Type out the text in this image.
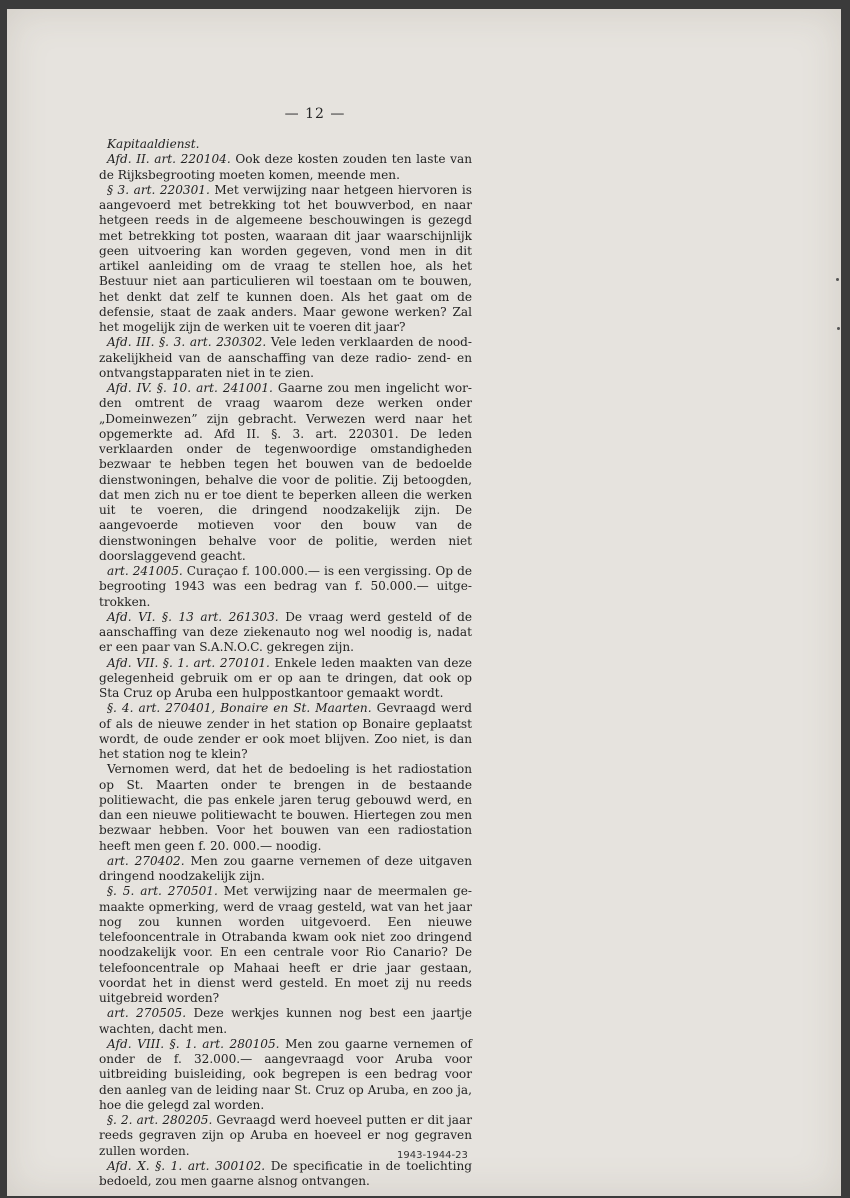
— 12 —

Kapitaaldienst.

Afd. II. art. 220104. Ook deze kosten zouden ten laste van de Rijksbegrooting moeten komen, meende men.

§ 3. art. 220301. Met verwijzing naar hetgeen hiervoren is aangevoerd met betrekking tot het bouwverbod, en naar hetgeen reeds in de algemeene beschouwingen is gezegd met betrekking tot posten, waaraan dit jaar waarschijnlijk geen uitvoering kan worden gegeven, vond men in dit artikel aanleiding om de vraag te stellen hoe, als het Bestuur niet aan particulieren wil toestaan om te bouwen, het denkt dat zelf te kunnen doen. Als het gaat om de defensie, staat de zaak anders. Maar gewone werken? Zal het mogelijk zijn de werken uit te voeren dit jaar?

Afd. III. §. 3. art. 230302. Vele leden verklaarden de noodzakelijkheid van de aanschaffing van deze radio- zend- en ontvangstapparaten niet in te zien.

Afd. IV. §. 10. art. 241001. Gaarne zou men ingelicht worden omtrent de vraag waarom deze werken onder „Domeinwezen” zijn gebracht. Verwezen werd naar het opgemerkte ad. Afd II. §. 3. art. 220301. De leden verklaarden onder de tegenwoordige omstandigheden bezwaar te hebben tegen het bouwen van de bedoelde dienstwoningen, behalve die voor de politie. Zij betoogden, dat men zich nu er toe dient te beperken alleen die werken uit te voeren, die dringend noodzakelijk zijn. De aangevoerde motieven voor den bouw van de dienstwoningen behalve voor de politie, werden niet doorslaggevend geacht.

art. 241005. Curaçao f. 100.000.— is een vergissing. Op de begrooting 1943 was een bedrag van f. 50.000.— uitgetrokken.

Afd. VI. §. 13 art. 261303. De vraag werd gesteld of de aanschaffing van deze ziekenauto nog wel noodig is, nadat er een paar van S.A.N.O.C. gekregen zijn.

Afd. VII. §. 1. art. 270101. Enkele leden maakten van deze gelegenheid gebruik om er op aan te dringen, dat ook op Sta Cruz op Aruba een hulppostkantoor gemaakt wordt.

§. 4. art. 270401, Bonaire en St. Maarten. Gevraagd werd of als de nieuwe zender in het station op Bonaire geplaatst wordt, de oude zender er ook moet blijven. Zoo niet, is dan het station nog te klein?

Vernomen werd, dat het de bedoeling is het radiostation op St. Maarten onder te brengen in de bestaande politiewacht, die pas enkele jaren terug gebouwd werd, en dan een nieuwe politiewacht te bouwen. Hiertegen zou men bezwaar hebben. Voor het bouwen van een radiostation heeft men geen f. 20. 000.— noodig.

art. 270402. Men zou gaarne vernemen of deze uitgaven dringend noodzakelijk zijn.

§. 5. art. 270501. Met verwijzing naar de meermalen gemaakte opmerking, werd de vraag gesteld, wat van het jaar nog zou kunnen worden uitgevoerd. Een nieuwe telefooncentrale in Otrabanda kwam ook niet zoo dringend noodzakelijk voor. En een centrale voor Rio Canario? De telefooncentrale op Mahaai heeft er drie jaar gestaan, voordat het in dienst werd gesteld. En moet zij nu reeds uitgebreid worden?

art. 270505. Deze werkjes kunnen nog best een jaartje wachten, dacht men.

Afd. VIII. §. 1. art. 280105. Men zou gaarne vernemen of onder de f. 32.000.— aangevraagd voor Aruba voor uitbreiding buisleiding, ook begrepen is een bedrag voor den aanleg van de leiding naar St. Cruz op Aruba, en zoo ja, hoe die gelegd zal worden.

§. 2. art. 280205. Gevraagd werd hoeveel putten er dit jaar reeds gegraven zijn op Aruba en hoeveel er nog gegraven zullen worden.

Afd. X. §. 1. art. 300102. De specificatie in de toelichting bedoeld, zou men gaarne alsnog ontvangen.

1943-1944-23
